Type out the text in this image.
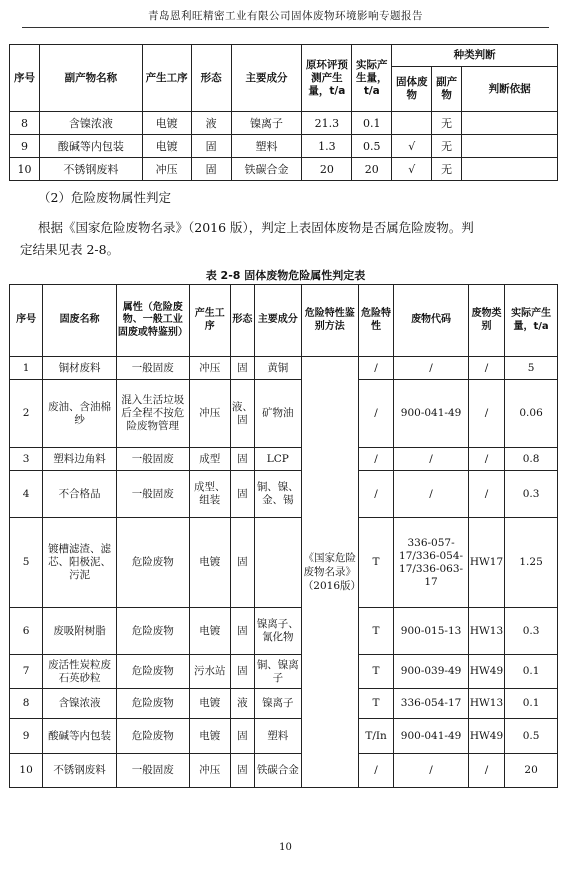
青岛恩利旺精密工业有限公司固体废物环境影响专题报告
序号	副产物名称	产生工序	形态	主要成分	原环评预测产生量，t/a	实际产生量，t/a	种类判断		
							固体废物	副产物	判断依据
8	含镍浓液	电镀	液	镍离子	21.3	0.1		无	
9	酸碱等内包装	电镀	固	塑料	1.3	0.5	√	无	
10	不锈钢废料	冲压	固	铁碳合金	20	20	√	无	
（2）危险废物属性判定
根据《国家危险废物名录》（2016 版），判定上表固体废物是否属危险废物。判
定结果见表 2-8。
表 2-8 固体废物危险属性判定表
序号	固废名称	属性（危险废物、一般工业固废或特鉴别）	产生工序	形态	主要成分	危险特性鉴别方法	危险特性	废物代码	废物类别	实际产生量，t/a
1	铜材废料	一般固废	冲压	固	黄铜	《国家危险废物名录》（2016版）	/	/	/	5
2	废油、含油棉纱	混入生活垃圾后全程不按危险废物管理	冲压	液、固	矿物油		/	900-041-49	/	0.06
3	塑料边角料	一般固废	成型	固	LCP		/	/	/	0.8
4	不合格品	一般固废	成型、组装	固	铜、镍、金、锡		/	/	/	0.3
5	镀槽滤渣、滤芯、阳极泥、污泥	危险废物	电镀	固			T	336-057-17/336-054-17/336-063-17	HW17	1.25
6	废吸附树脂	危险废物	电镀	固	镍离子、氰化物		T	900-015-13	HW13	0.3
7	废活性炭粒废石英砂粒	危险废物	污水站	固	铜、镍离子		T	900-039-49	HW49	0.1
8	含镍浓液	危险废物	电镀	液	镍离子		T	336-054-17	HW13	0.1
9	酸碱等内包装	危险废物	电镀	固	塑料		T/In	900-041-49	HW49	0.5
10	不锈钢废料	一般固废	冲压	固	铁碳合金		/	/	/	20
10
